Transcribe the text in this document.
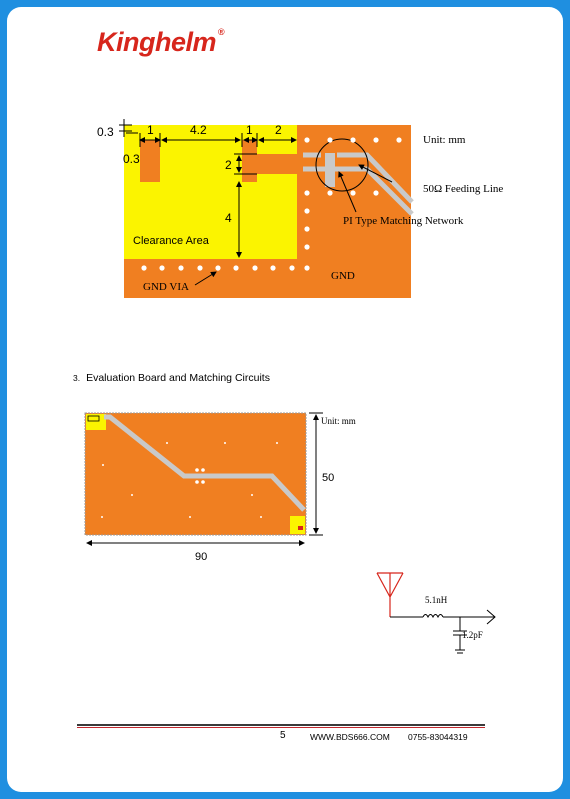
Kinghelm ®
0.3	1	4.2	1 2
0.3	2
4
Unit: mm
50Ω Feeding Line
PI Type Matching Network
Clearance Area
GND VIA
GND
Unit: mm
50
90
5.1nH
1.2pF
3. Evaluation Board and Matching Circuits
5	WWW.BDS666.COM 0755-83044319
